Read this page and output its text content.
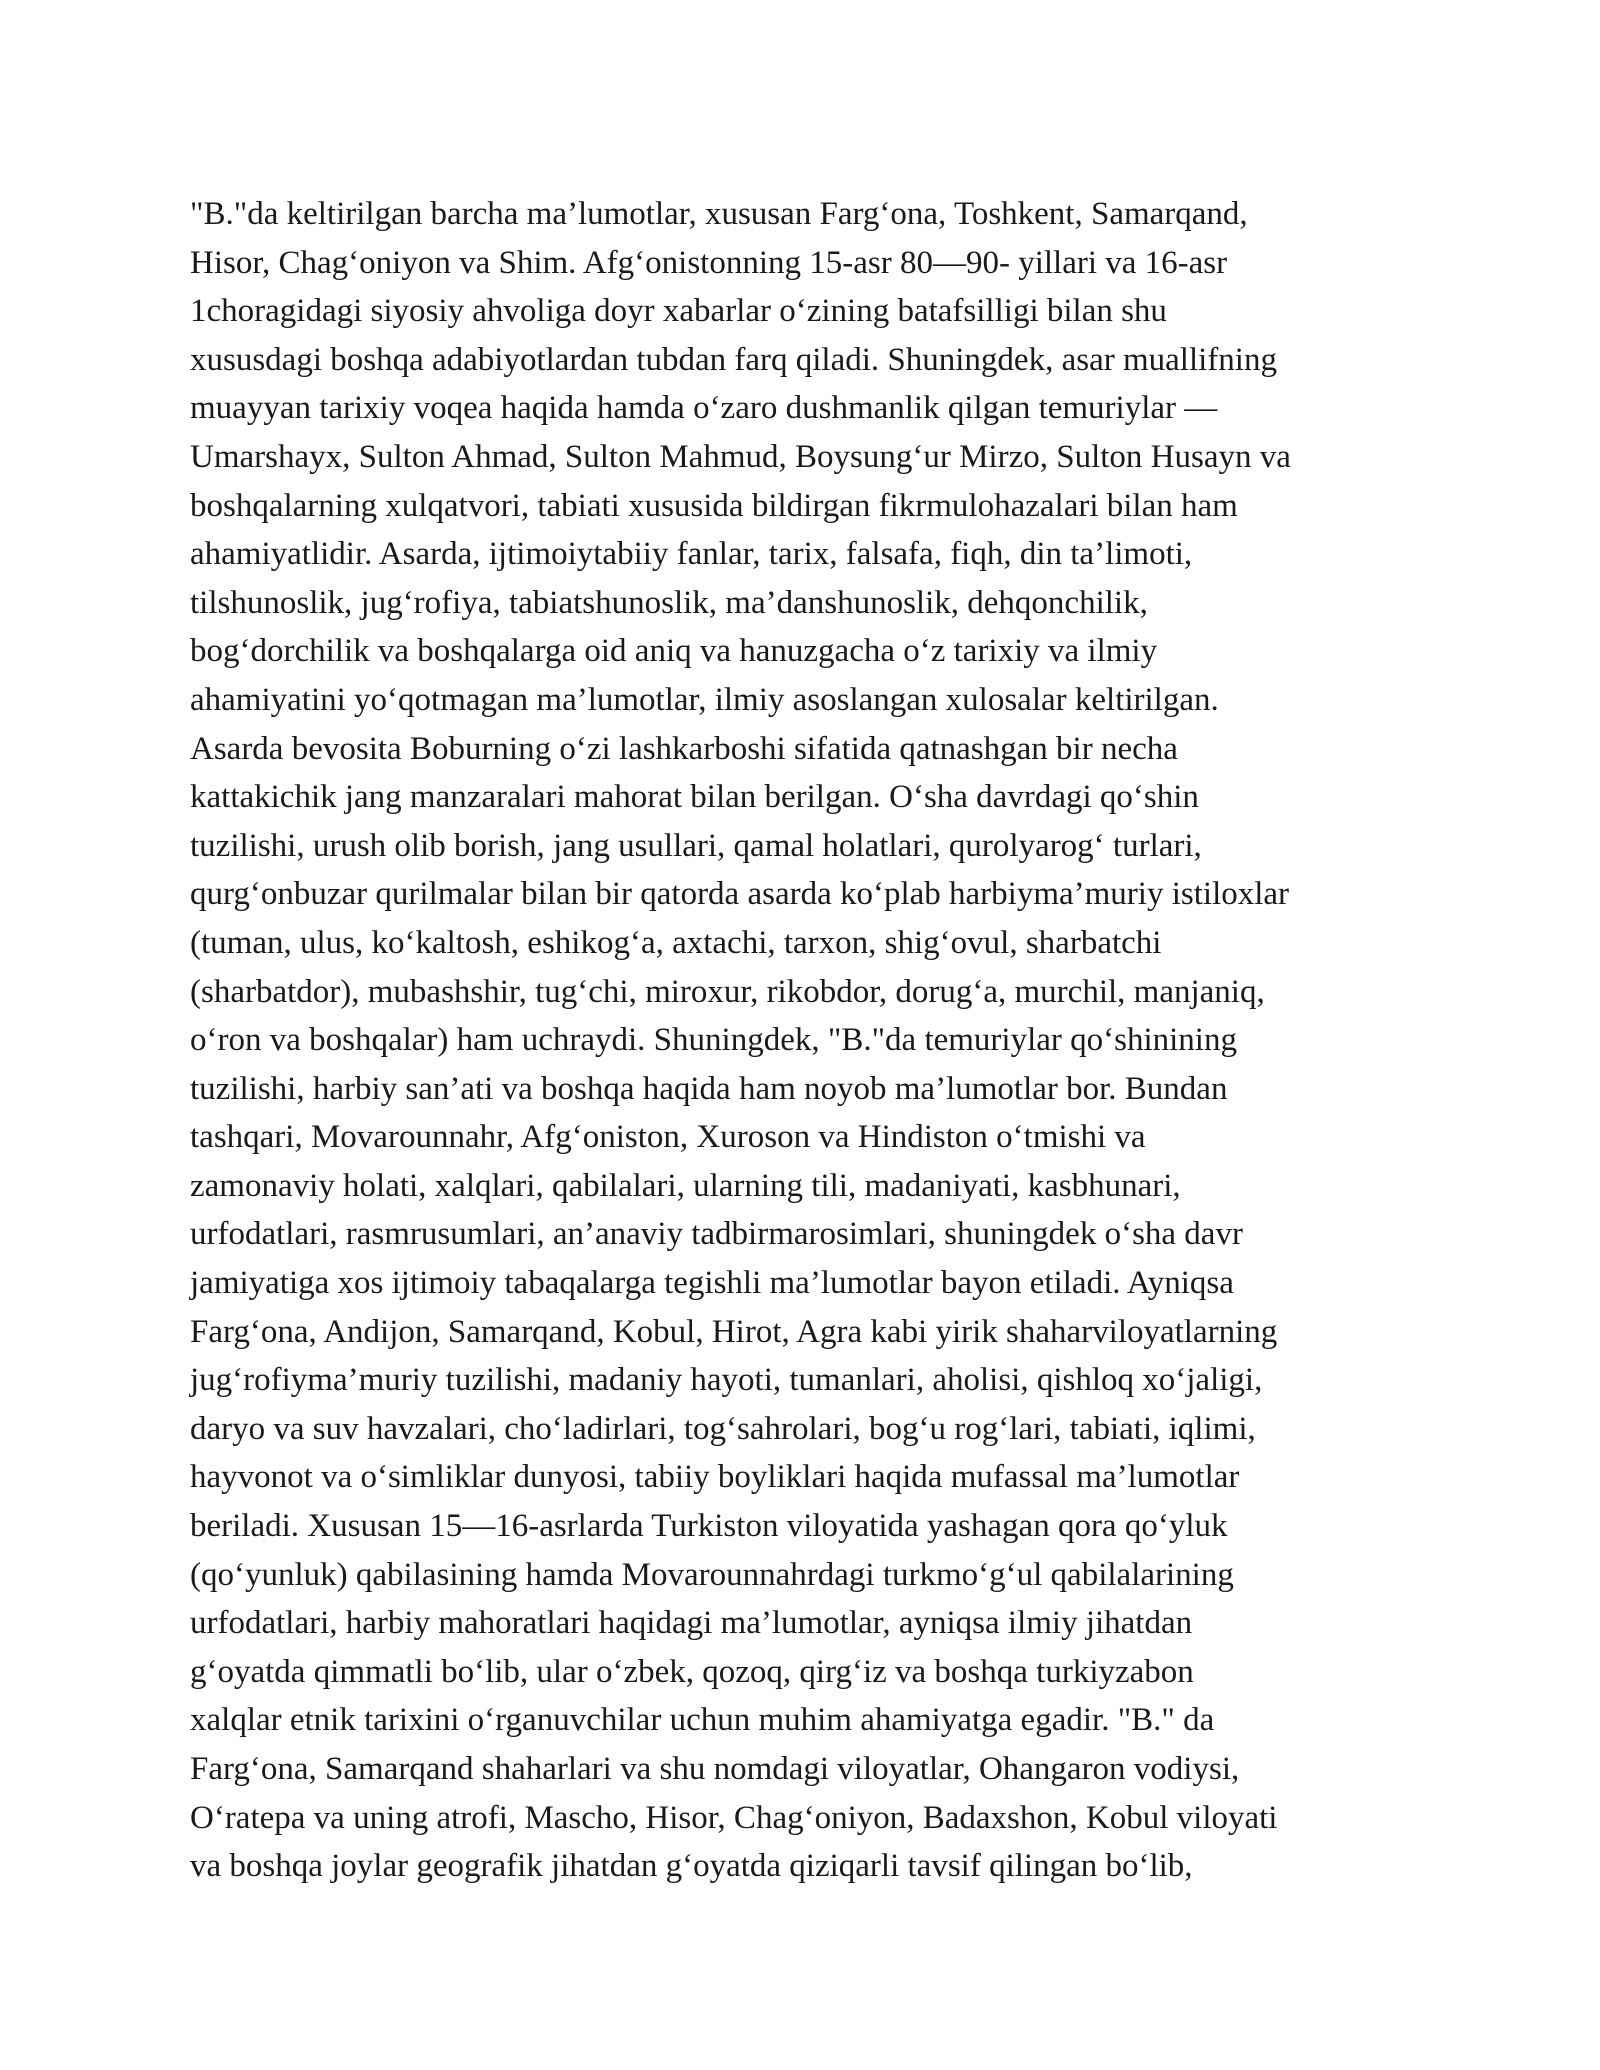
"B."da keltirilgan barcha ma’lumotlar, xususan Farg‘ona, Toshkent, Samarqand,
Hisor, Chag‘oniyon va Shim. Afg‘onistonning 15-asr 80—90- yillari va 16-asr
1choragidagi siyosiy ahvoliga doyr xabarlar o‘zining batafsilligi bilan shu
xususdagi boshqa adabiyotlardan tubdan farq qiladi. Shuningdek, asar muallifning
muayyan tarixiy voqea haqida hamda o‘zaro dushmanlik qilgan temuriylar —
Umarshayx, Sulton Ahmad, Sulton Mahmud, Boysung‘ur Mirzo, Sulton Husayn va
boshqalarning xulqatvori, tabiati xususida bildirgan fikrmulohazalari bilan ham
ahamiyatlidir. Asarda, ijtimoiytabiiy fanlar, tarix, falsafa, fiqh, din ta’limoti,
tilshunoslik, jug‘rofiya, tabiatshunoslik, ma’danshunoslik, dehqonchilik,
bog‘dorchilik va boshqalarga oid aniq va hanuzgacha o‘z tarixiy va ilmiy
ahamiyatini yo‘qotmagan ma’lumotlar, ilmiy asoslangan xulosalar keltirilgan.
Asarda bevosita Boburning o‘zi lashkarboshi sifatida qatnashgan bir necha
kattakichik jang manzaralari mahorat bilan berilgan. O‘sha davrdagi qo‘shin
tuzilishi, urush olib borish, jang usullari, qamal holatlari, qurolyarog‘ turlari,
qurg‘onbuzar qurilmalar bilan bir qatorda asarda ko‘plab harbiyma’muriy istiloxlar
(tuman, ulus, ko‘kaltosh, eshikog‘a, axtachi, tarxon, shig‘ovul, sharbatchi
(sharbatdor), mubashshir, tug‘chi, miroxur, rikobdor, dorug‘a, murchil, manjaniq,
o‘ron va boshqalar) ham uchraydi. Shuningdek, "B."da temuriylar qo‘shinining
tuzilishi, harbiy san’ati va boshqa haqida ham noyob ma’lumotlar bor. Bundan
tashqari, Movarounnahr, Afg‘oniston, Xuroson va Hindiston o‘tmishi va
zamonaviy holati, xalqlari, qabilalari, ularning tili, madaniyati, kasbhunari,
urfodatlari, rasmrusumlari, an’anaviy tadbirmarosimlari, shuningdek o‘sha davr
jamiyatiga xos ijtimoiy tabaqalarga tegishli ma’lumotlar bayon etiladi. Ayniqsa
Farg‘ona, Andijon, Samarqand, Kobul, Hirot, Agra kabi yirik shaharviloyatlarning
jug‘rofiyma’muriy tuzilishi, madaniy hayoti, tumanlari, aholisi, qishloq xo‘jaligi,
daryo va suv havzalari, cho‘ladirlari, tog‘sahrolari, bog‘u rog‘lari, tabiati, iqlimi,
hayvonot va o‘simliklar dunyosi, tabiiy boyliklari haqida mufassal ma’lumotlar
beriladi. Xususan 15—16-asrlarda Turkiston viloyatida yashagan qora qo‘yluk
(qo‘yunluk) qabilasining hamda Movarounnahrdagi turkmo‘g‘ul qabilalarining
urfodatlari, harbiy mahoratlari haqidagi ma’lumotlar, ayniqsa ilmiy jihatdan
g‘oyatda qimmatli bo‘lib, ular o‘zbek, qozoq, qirg‘iz va boshqa turkiyzabon
xalqlar etnik tarixini o‘rganuvchilar uchun muhim ahamiyatga egadir. "B." da
Farg‘ona, Samarqand shaharlari va shu nomdagi viloyatlar, Ohangaron vodiysi,
O‘ratepa va uning atrofi, Mascho, Hisor, Chag‘oniyon, Badaxshon, Kobul viloyati
va boshqa joylar geografik jihatdan g‘oyatda qiziqarli tavsif qilingan bo‘lib,
